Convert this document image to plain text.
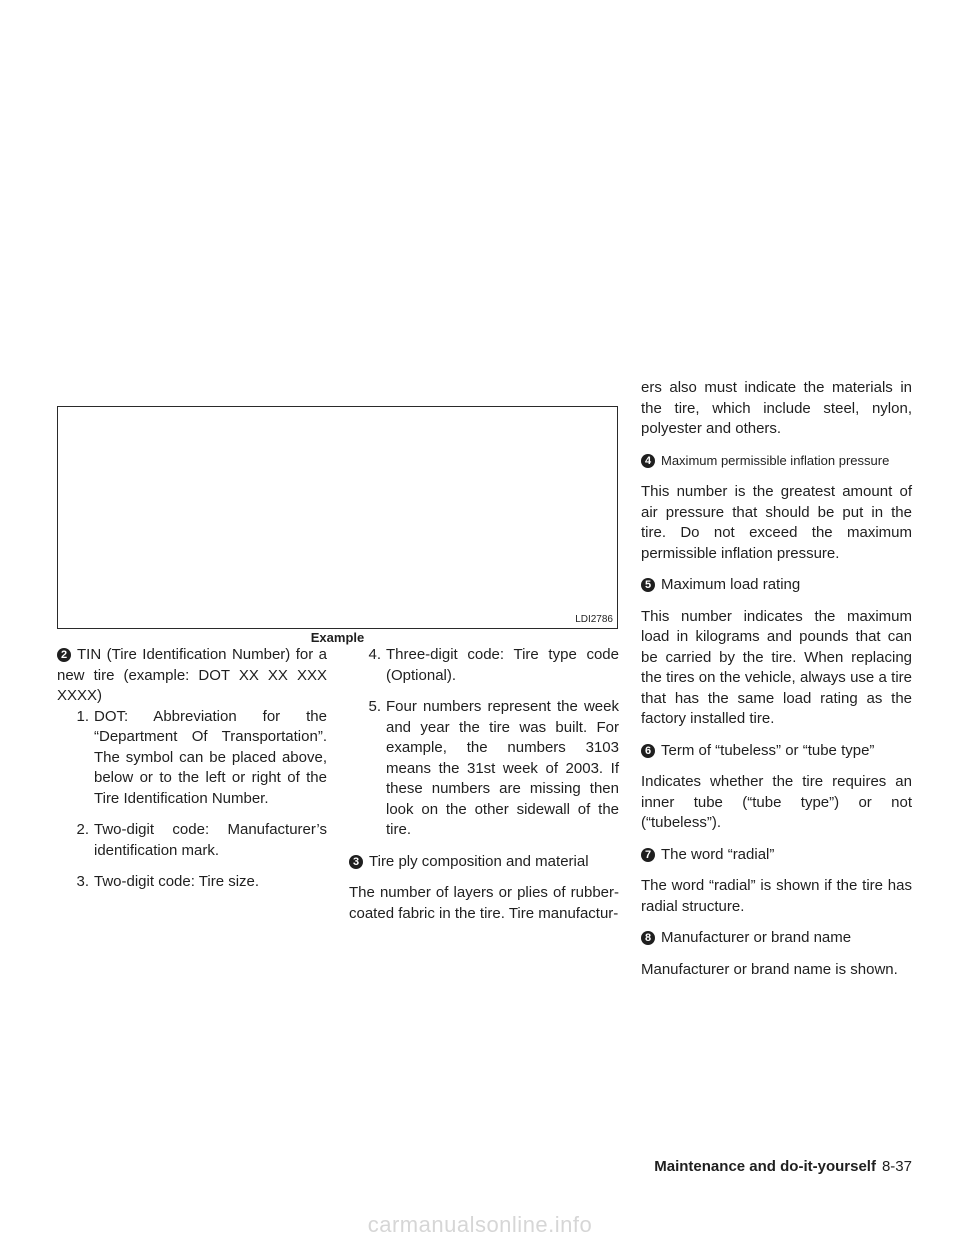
LDI2786
Example

2 TIN (Tire Identification Number) for a new tire (example: DOT XX XX XXX XXXX)

1. DOT: Abbreviation for the “Department Of Transportation”. The symbol can be placed above, below or to the left or right of the Tire Identification Number.
2. Two-digit code: Manufacturer’s identification mark.
3. Two-digit code: Tire size.
4. Three-digit code: Tire type code (Optional).
5. Four numbers represent the week and year the tire was built. For example, the numbers 3103 means the 31st week of 2003. If these numbers are missing then look on the other sidewall of the tire.

3 Tire ply composition and material

The number of layers or plies of rubber-coated fabric in the tire. Tire manufactur-

ers also must indicate the materials in the tire, which include steel, nylon, polyester and others.

4 Maximum permissible inflation pressure

This number is the greatest amount of air pressure that should be put in the tire. Do not exceed the maximum permissible inflation pressure.

5 Maximum load rating

This number indicates the maximum load in kilograms and pounds that can be carried by the tire. When replacing the tires on the vehicle, always use a tire that has the same load rating as the factory installed tire.

6 Term of “tubeless” or “tube type”

Indicates whether the tire requires an inner tube (“tube type”) or not (“tubeless”).

7 The word “radial”

The word “radial” is shown if the tire has radial structure.

8 Manufacturer or brand name

Manufacturer or brand name is shown.

Maintenance and do-it-yourself 8-37
carmanualsonline.info
